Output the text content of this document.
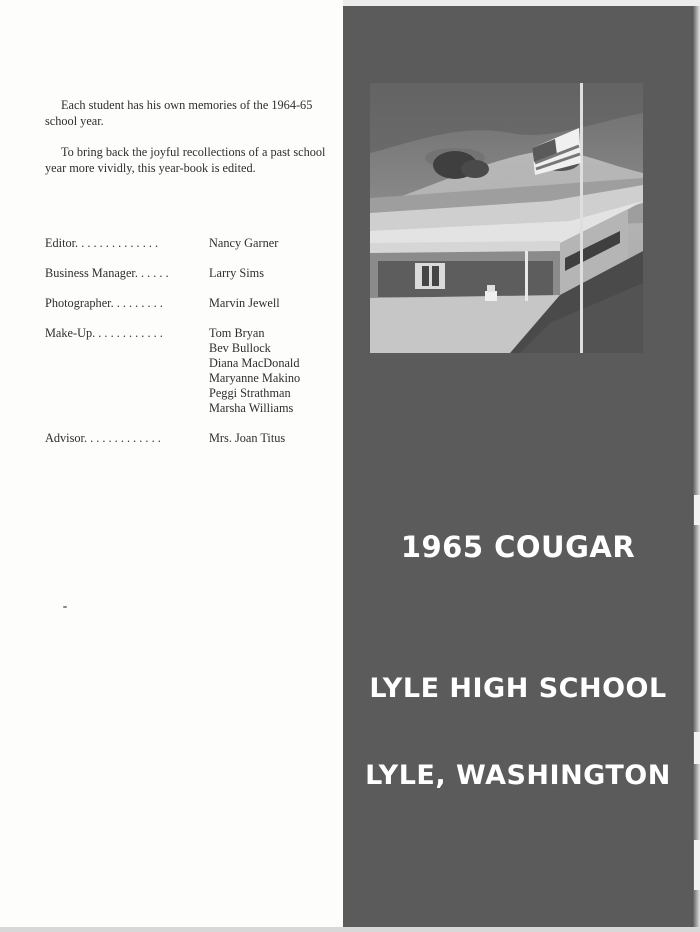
Each student has his own memories of the 1964-65 school year.

To bring back the joyful recollections of a past school year more vividly, this year-book is edited.

Editor. . . . . . . . . . . . . .	Nancy Garner
Business Manager. . . . . .	Larry Sims
Photographer. . . . . . . . .	Marvin Jewell
Make-Up. . . . . . . . . . . .	Tom Bryan
Bev Bullock
Diana MacDonald
Maryanne Makino
Peggi Strathman
Marsha Williams
Advisor. . . . . . . . . . . . .	Mrs. Joan Titus
1965 COUGAR
LYLE HIGH SCHOOL
LYLE, WASHINGTON
